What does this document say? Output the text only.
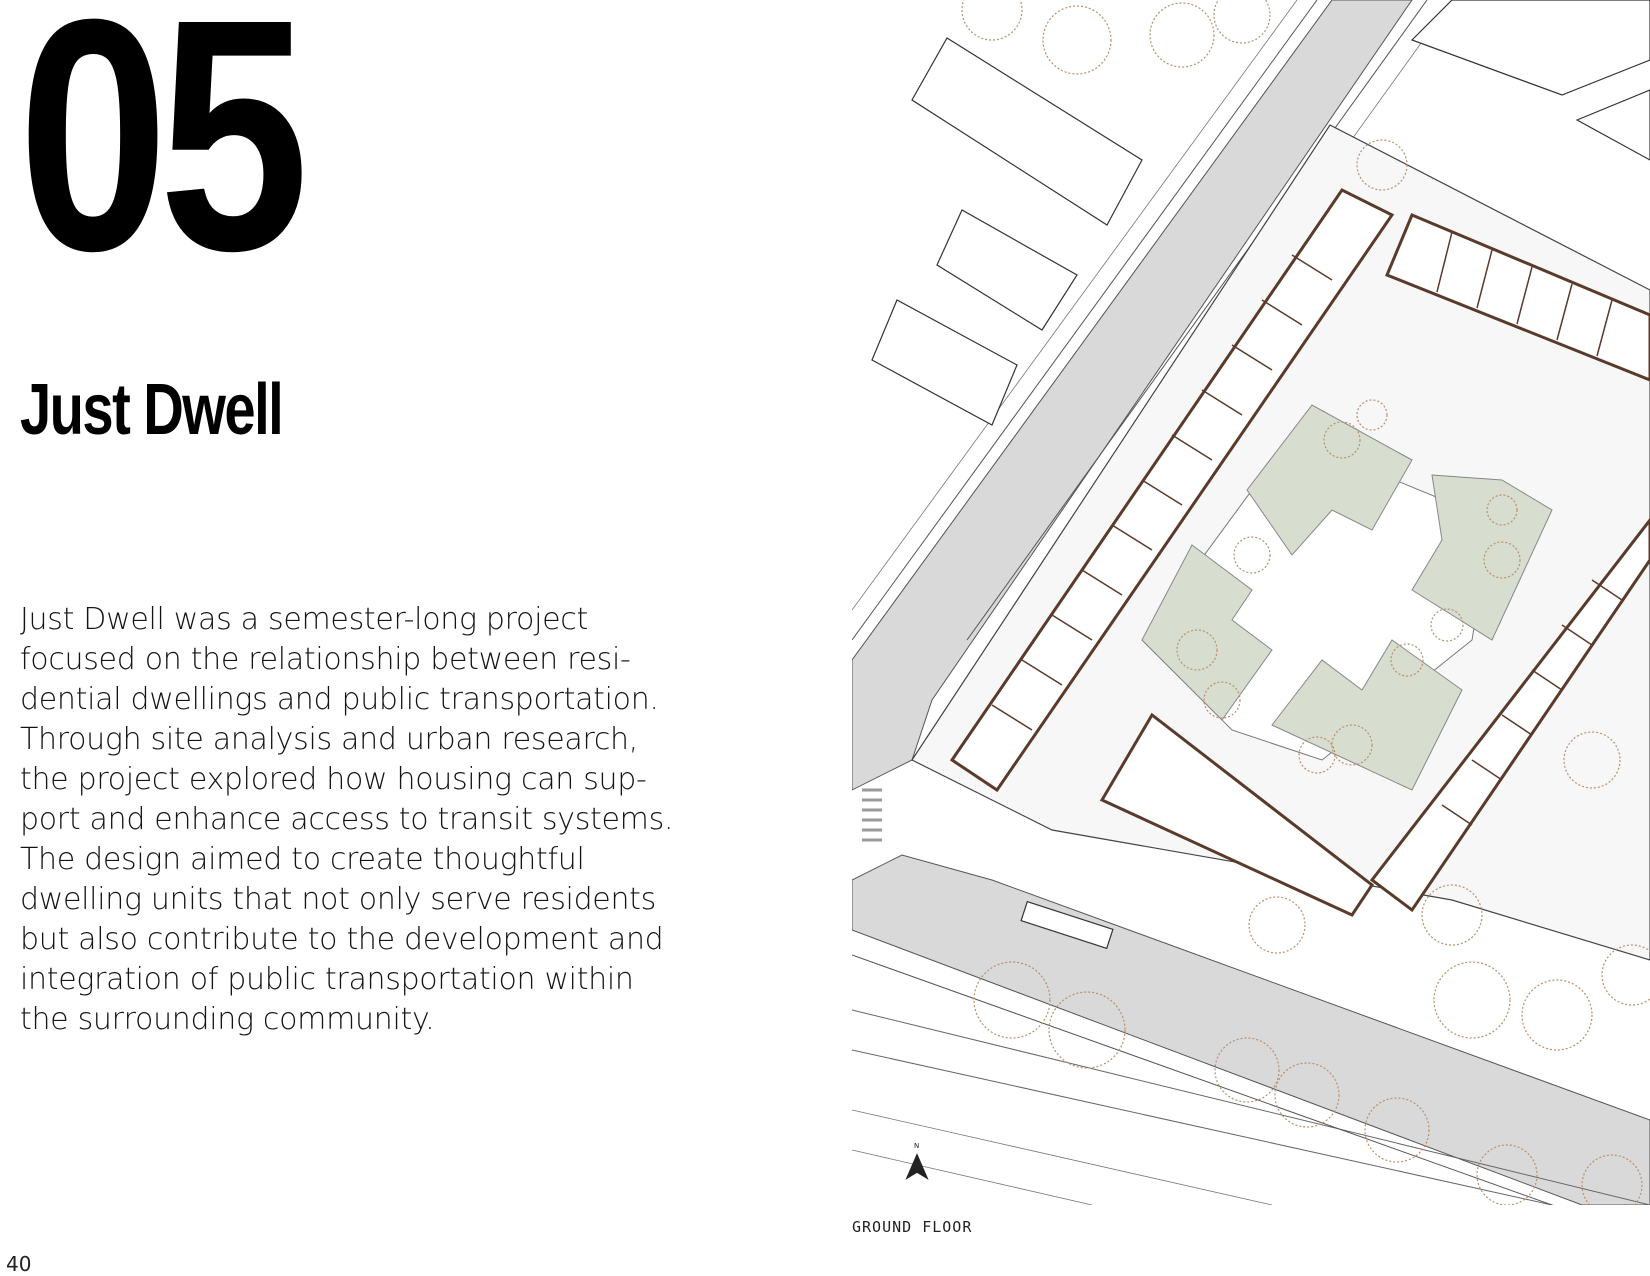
05
Just Dwell
Just Dwell was a semester-long project
focused on the relationship between resi-
dential dwellings and public transportation.
Through site analysis and urban research,
the project explored how housing can sup-
port and enhance access to transit systems.
The design aimed to create thoughtful
dwelling units that not only serve residents
but also contribute to the development and
integration of public transportation within
the surrounding community.
N
GROUND FLOOR
40
